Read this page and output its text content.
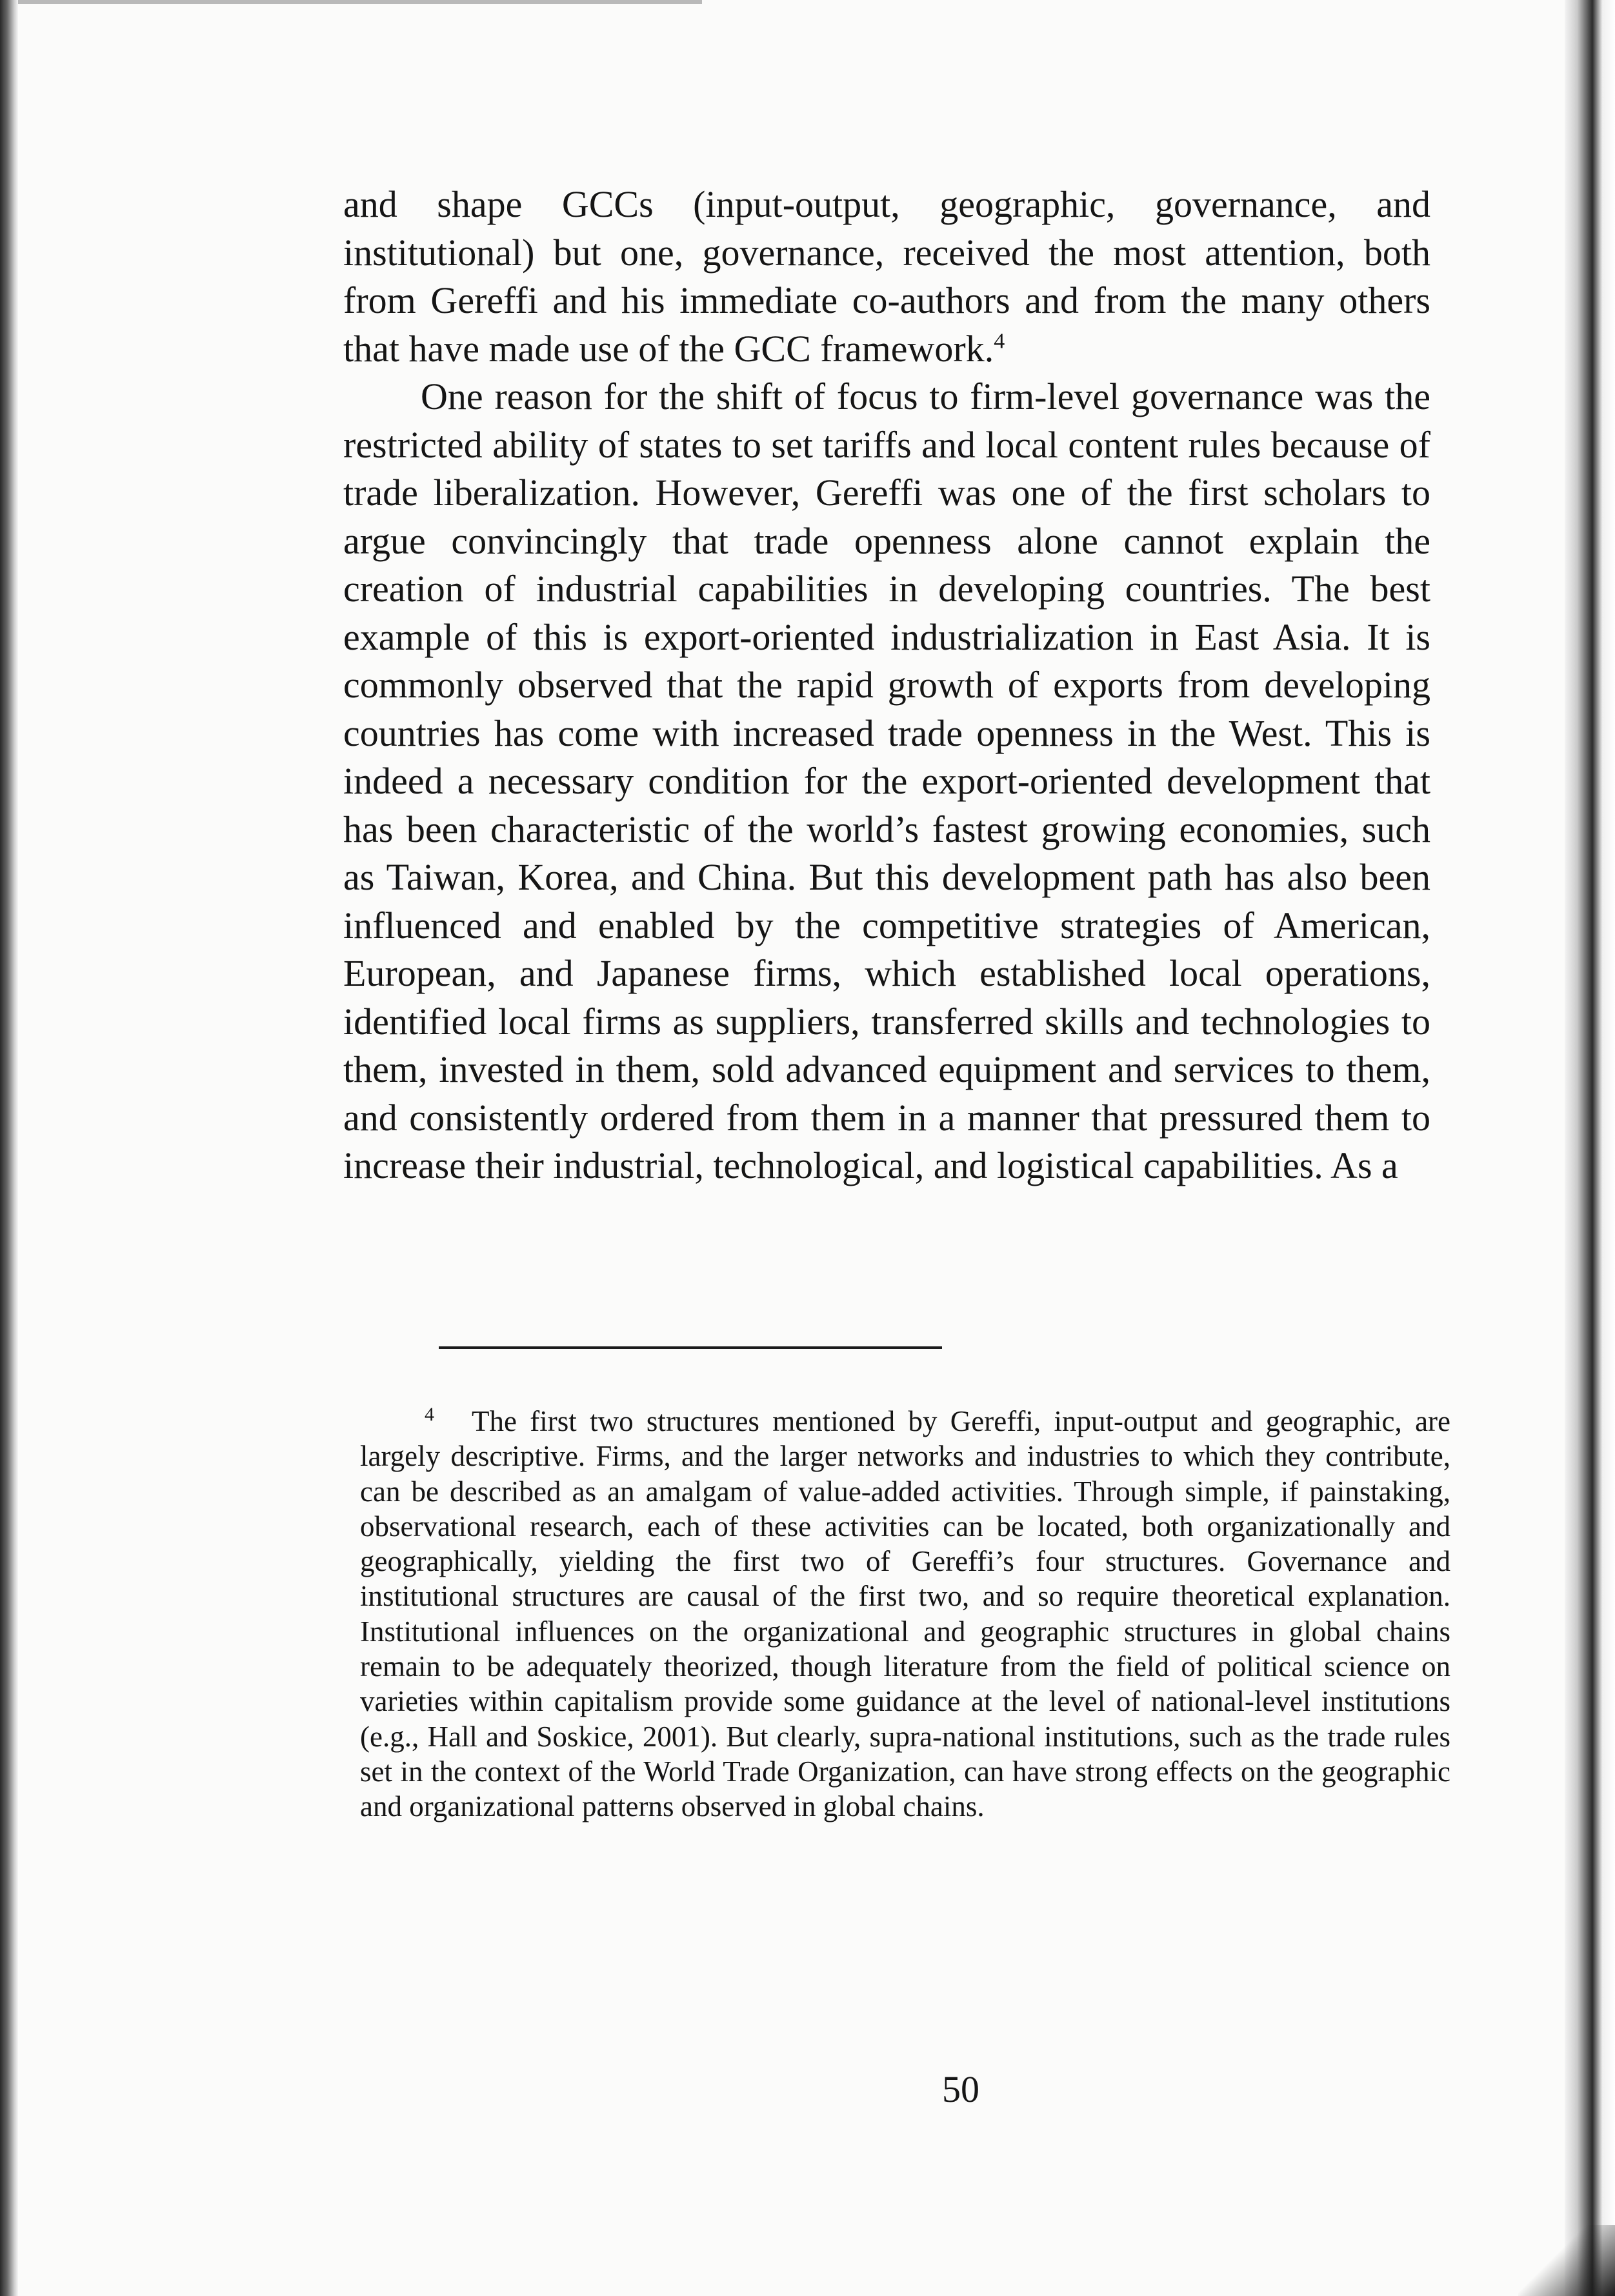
and shape GCCs (input-output, geographic, governance, and institutional) but one, governance, received the most attention, both from Gereffi and his immediate co-authors and from the many others that have made use of the GCC framework.$^4$

One reason for the shift of focus to firm-level governance was the restricted ability of states to set tariffs and local content rules because of trade liberalization. However, Gereffi was one of the first scholars to argue convincingly that trade openness alone cannot explain the creation of industrial capabilities in developing countries. The best example of this is export-oriented industrialization in East Asia. It is commonly observed that the rapid growth of exports from developing countries has come with increased trade openness in the West. This is indeed a necessary condition for the export-oriented development that has been characteristic of the world’s fastest growing economies, such as Taiwan, Korea, and China. But this development path has also been influenced and enabled by the competitive strategies of American, European, and Japanese firms, which established local operations, identified local firms as suppliers, transferred skills and technologies to them, invested in them, sold advanced equipment and services to them, and consistently ordered from them in a manner that pressured them to increase their industrial, technological, and logistical capabilities. As a

4 The first two structures mentioned by Gereffi, input-output and geographic, are largely descriptive. Firms, and the larger networks and industries to which they contribute, can be described as an amalgam of value-added activities. Through simple, if painstaking, observational research, each of these activities can be located, both organizationally and geographically, yielding the first two of Gereffi’s four structures. Governance and institutional structures are causal of the first two, and so require theoretical explanation. Institutional influences on the organizational and geographic structures in global chains remain to be adequately theorized, though literature from the field of political science on varieties within capitalism provide some guidance at the level of national-level institutions (e.g., Hall and Soskice, 2001). But clearly, supra-national institutions, such as the trade rules set in the context of the World Trade Organization, can have strong effects on the geographic and organizational patterns observed in global chains.
50
